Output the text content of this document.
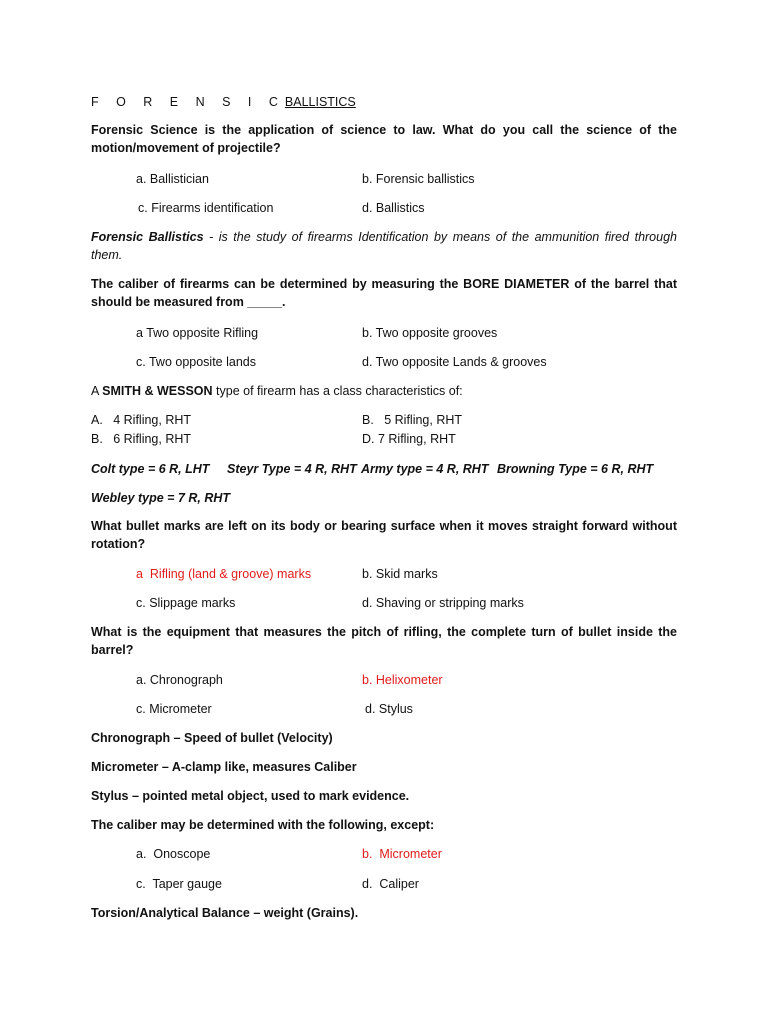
F O R E N S I CBALLISTICS
Forensic Science is the application of science to law. What do you call the science of the motion/movement of projectile?
a. Ballistician	b. Forensic ballistics
c. Firearms identification	d. Ballistics
Forensic Ballistics - is the study of firearms Identification by means of the ammunition fired through them.
The caliber of firearms can be determined by measuring the BORE DIAMETER of the barrel that should be measured from _____.
a Two opposite Rifling	b. Two opposite grooves
c. Two opposite lands	d. Two opposite Lands & grooves
A SMITH & WESSON type of firearm has a class characteristics of:
A.   4 Rifling, RHT	B.   5 Rifling, RHT
B.   6 Rifling, RHT	D. 7 Rifling, RHT
Colt type = 6 R, LHT Steyr Type = 4 R, RHT Army type = 4 R, RHT Browning Type = 6 R, RHT
Webley type = 7 R, RHT
What bullet marks are left on its body or bearing surface when it moves straight forward without rotation?
a  Rifling (land & groove) marks	b. Skid marks
c. Slippage marks	d. Shaving or stripping marks
What is the equipment that measures the pitch of rifling, the complete turn of bullet inside the barrel?
a. Chronograph	b. Helixometer
c. Micrometer	d. Stylus
Chronograph – Speed of bullet (Velocity)
Micrometer – A-clamp like, measures Caliber
Stylus – pointed metal object, used to mark evidence.
The caliber may be determined with the following, except:
a.  Onoscope	b.  Micrometer
c.  Taper gauge	d.  Caliper
Torsion/Analytical Balance – weight (Grains).
